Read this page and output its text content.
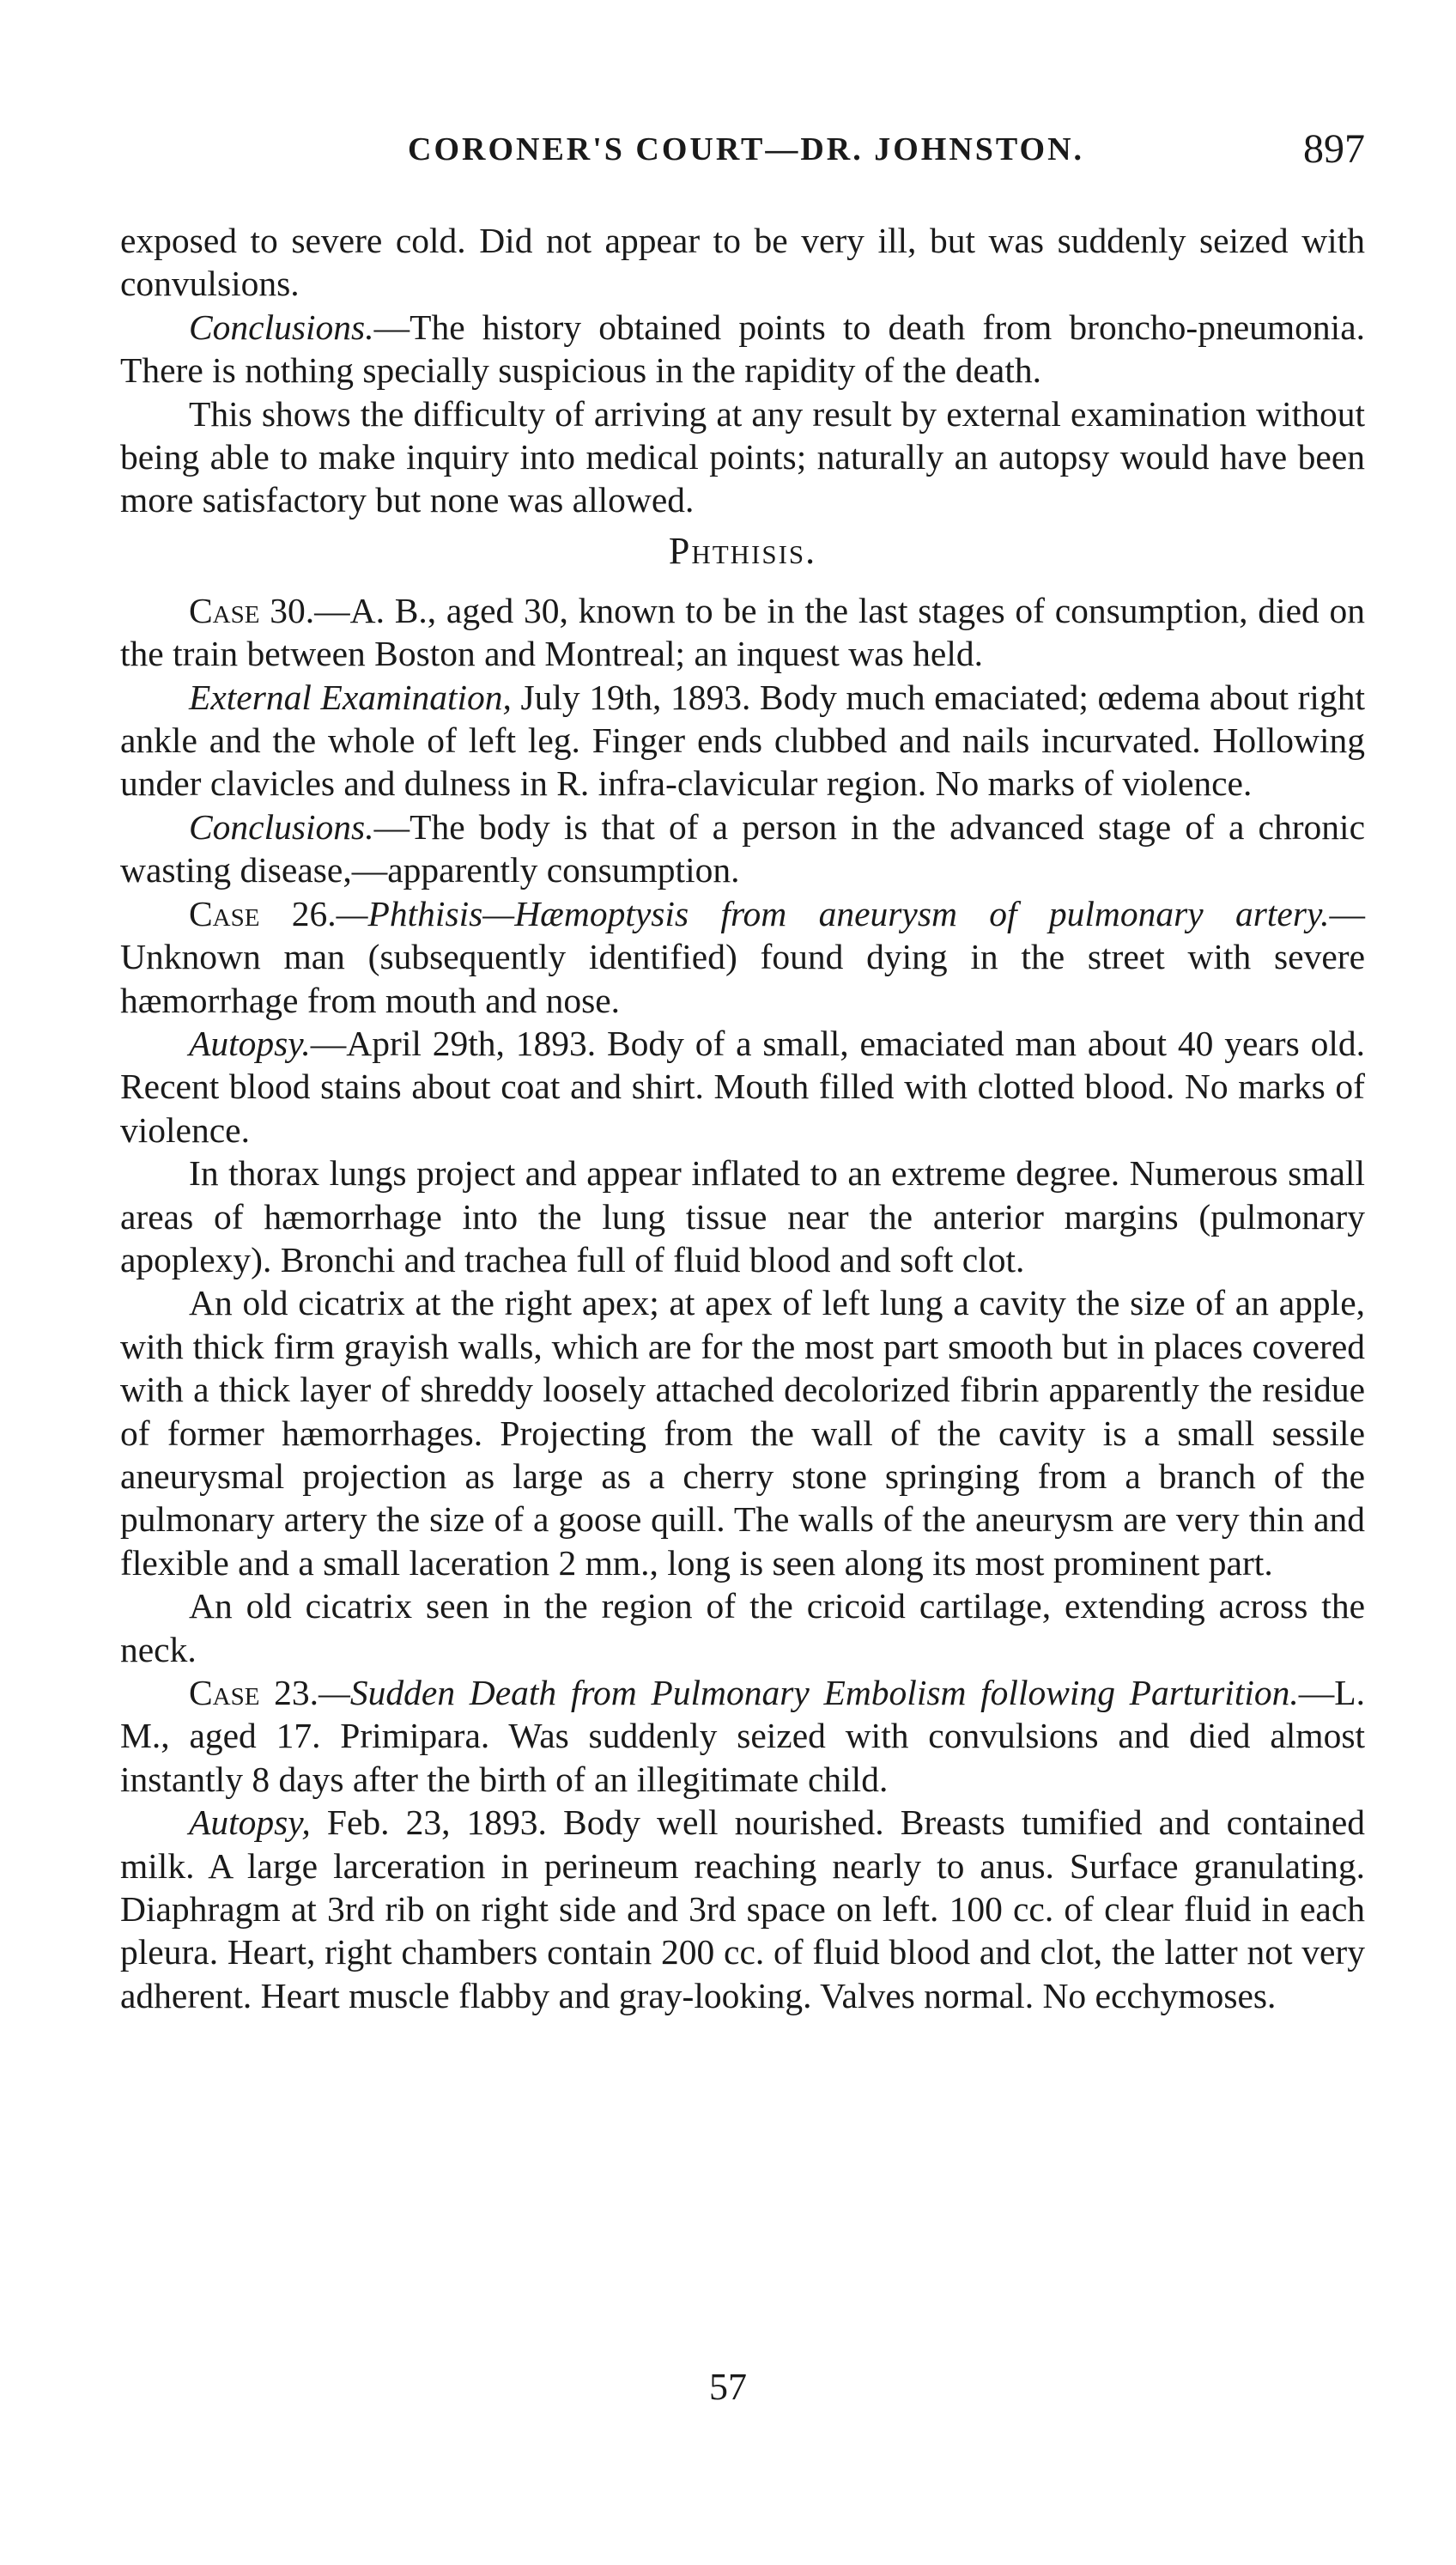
CORONER'S COURT—DR. JOHNSTON.	897

exposed to severe cold. Did not appear to be very ill, but was suddenly seized with convulsions.

Conclusions.—The history obtained points to death from broncho-pneumonia. There is nothing specially suspicious in the rapidity of the death.

This shows the difficulty of arriving at any result by external examination without being able to make inquiry into medical points; naturally an autopsy would have been more satisfactory but none was allowed.

Phthisis.

Case 30.—A. B., aged 30, known to be in the last stages of consumption, died on the train between Boston and Montreal; an inquest was held.

External Examination, July 19th, 1893. Body much emaciated; œdema about right ankle and the whole of left leg. Finger ends clubbed and nails incurvated. Hollowing under clavicles and dulness in R. infra-clavicular region. No marks of violence.

Conclusions.—The body is that of a person in the advanced stage of a chronic wasting disease,—apparently consumption.

Case 26.—Phthisis—Hæmoptysis from aneurysm of pulmonary artery.—Unknown man (subsequently identified) found dying in the street with severe hæmorrhage from mouth and nose.

Autopsy.—April 29th, 1893. Body of a small, emaciated man about 40 years old. Recent blood stains about coat and shirt. Mouth filled with clotted blood. No marks of violence.

In thorax lungs project and appear inflated to an extreme degree. Numerous small areas of hæmorrhage into the lung tissue near the anterior margins (pulmonary apoplexy). Bronchi and trachea full of fluid blood and soft clot.

An old cicatrix at the right apex; at apex of left lung a cavity the size of an apple, with thick firm grayish walls, which are for the most part smooth but in places covered with a thick layer of shreddy loosely attached decolorized fibrin apparently the residue of former hæmorrhages. Projecting from the wall of the cavity is a small sessile aneurysmal projection as large as a cherry stone springing from a branch of the pulmonary artery the size of a goose quill. The walls of the aneurysm are very thin and flexible and a small laceration 2 mm., long is seen along its most prominent part.

An old cicatrix seen in the region of the cricoid cartilage, extending across the neck.

Case 23.—Sudden Death from Pulmonary Embolism following Parturition.—L. M., aged 17. Primipara. Was suddenly seized with convulsions and died almost instantly 8 days after the birth of an illegitimate child.

Autopsy, Feb. 23, 1893. Body well nourished. Breasts tumified and contained milk. A large larceration in perineum reaching nearly to anus. Surface granulating. Diaphragm at 3rd rib on right side and 3rd space on left. 100 cc. of clear fluid in each pleura. Heart, right chambers contain 200 cc. of fluid blood and clot, the latter not very adherent. Heart muscle flabby and gray-looking. Valves normal. No ecchymoses.

57
